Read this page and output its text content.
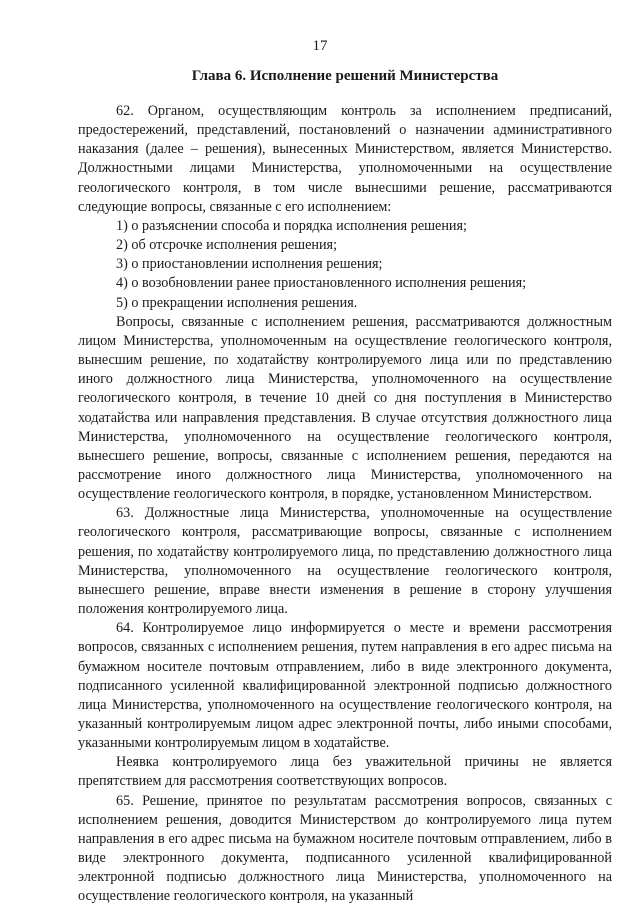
17
Глава 6. Исполнение решений Министерства

62. Органом, осуществляющим контроль за исполнением предписаний, предостережений, представлений, постановлений о назначении административного наказания (далее – решения), вынесенных Министерством, является Министерство. Должностными лицами Министерства, уполномоченными на осуществление геологического контроля, в том числе вынесшими решение, рассматриваются следующие вопросы, связанные с его исполнением:

1) о разъяснении способа и порядка исполнения решения;

2) об отсрочке исполнения решения;

3) о приостановлении исполнения решения;

4) о возобновлении ранее приостановленного исполнения решения;

5) о прекращении исполнения решения.

Вопросы, связанные с исполнением решения, рассматриваются должностным лицом Министерства, уполномоченным на осуществление геологического контроля, вынесшим решение, по ходатайству контролируемого лица или по представлению иного должностного лица Министерства, уполномоченного на осуществление геологического контроля, в течение 10 дней со дня поступления в Министерство ходатайства или направления представления. В случае отсутствия должностного лица Министерства, уполномоченного на осуществление геологического контроля, вынесшего решение, вопросы, связанные с исполнением решения, передаются на рассмотрение иного должностного лица Министерства, уполномоченного на осуществление геологического контроля, в порядке, установленном Министерством.

63. Должностные лица Министерства, уполномоченные на осуществление геологического контроля, рассматривающие вопросы, связанные с исполнением решения, по ходатайству контролируемого лица, по представлению должностного лица Министерства, уполномоченного на осуществление геологического контроля, вынесшего решение, вправе внести изменения в решение в сторону улучшения положения контролируемого лица.

64. Контролируемое лицо информируется о месте и времени рассмотрения вопросов, связанных с исполнением решения, путем направления в его адрес письма на бумажном носителе почтовым отправлением, либо в виде электронного документа, подписанного усиленной квалифицированной электронной подписью должностного лица Министерства, уполномоченного на осуществление геологического контроля, на указанный контролируемым лицом адрес электронной почты, либо иными способами, указанными контролируемым лицом в ходатайстве.

Неявка контролируемого лица без уважительной причины не является препятствием для рассмотрения соответствующих вопросов.

65. Решение, принятое по результатам рассмотрения вопросов, связанных с исполнением решения, доводится Министерством до контролируемого лица путем направления в его адрес письма на бумажном носителе почтовым отправлением, либо в виде электронного документа, подписанного усиленной квалифицированной электронной подписью должностного лица Министерства, уполномоченного на осуществление геологического контроля, на указанный
